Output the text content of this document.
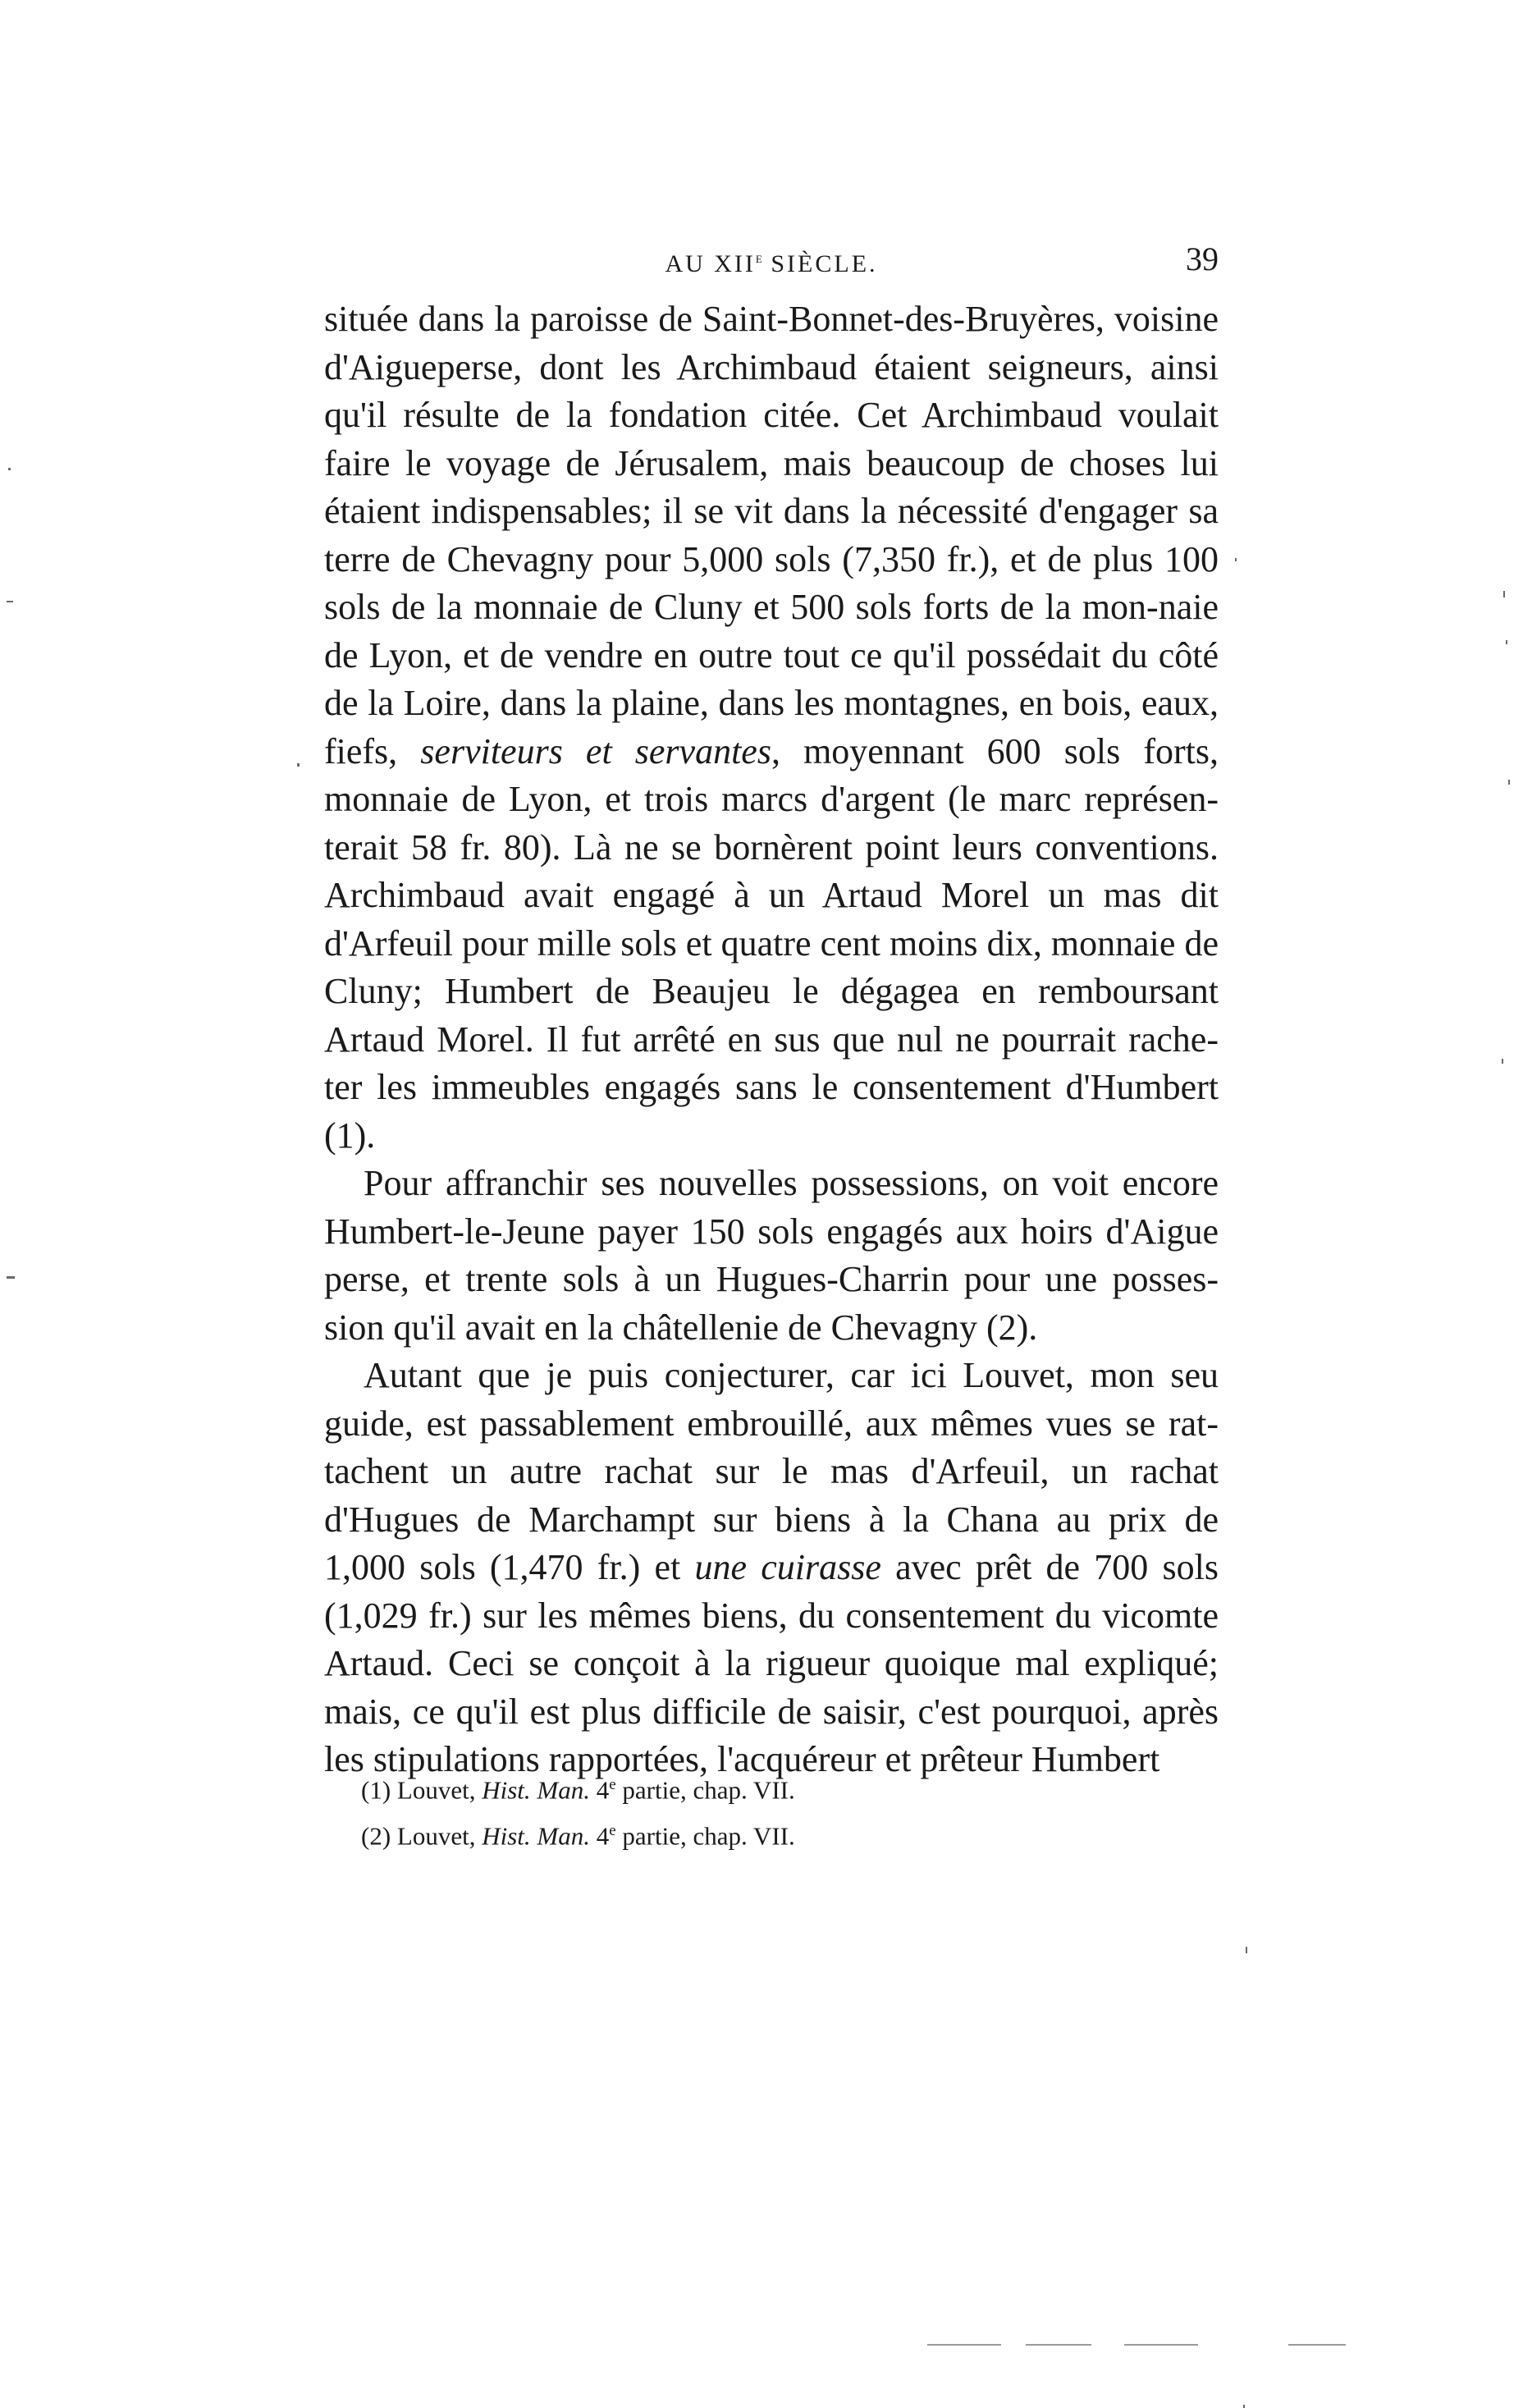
AU XIIe SIÈCLE.	39

située dans la paroisse de Saint-Bonnet-des-Bruyères, voisine d'Aigueperse, dont les Archimbaud étaient seigneurs, ainsi qu'il résulte de la fondation citée. Cet Archimbaud voulait faire le voyage de Jérusalem, mais beaucoup de choses lui étaient indispensables; il se vit dans la nécessité d'engager sa terre de Chevagny pour 5,000 sols (7,350 fr.), et de plus 100 sols de la monnaie de Cluny et 500 sols forts de la mon-naie de Lyon, et de vendre en outre tout ce qu'il possédait du côté de la Loire, dans la plaine, dans les montagnes, en bois, eaux, fiefs, serviteurs et servantes, moyennant 600 sols forts, monnaie de Lyon, et trois marcs d'argent (le marc représen-terait 58 fr. 80). Là ne se bornèrent point leurs conventions. Archimbaud avait engagé à un Artaud Morel un mas dit d'Arfeuil pour mille sols et quatre cent moins dix, monnaie de Cluny; Humbert de Beaujeu le dégagea en remboursant Artaud Morel. Il fut arrêté en sus que nul ne pourrait rache-ter les immeubles engagés sans le consentement d'Humbert (1).

Pour affranchir ses nouvelles possessions, on voit encore Humbert-le-Jeune payer 150 sols engagés aux hoirs d'Aigue perse, et trente sols à un Hugues-Charrin pour une posses-sion qu'il avait en la châtellenie de Chevagny (2).

Autant que je puis conjecturer, car ici Louvet, mon seu guide, est passablement embrouillé, aux mêmes vues se rat-tachent un autre rachat sur le mas d'Arfeuil, un rachat d'Hugues de Marchampt sur biens à la Chana au prix de 1,000 sols (1,470 fr.) et une cuirasse avec prêt de 700 sols (1,029 fr.) sur les mêmes biens, du consentement du vicomte Artaud. Ceci se conçoit à la rigueur quoique mal expliqué; mais, ce qu'il est plus difficile de saisir, c'est pourquoi, après les stipulations rapportées, l'acquéreur et prêteur Humbert

(1) Louvet, Hist. Man. 4e partie, chap. VII.
(2) Louvet, Hist. Man. 4e partie, chap. VII.
